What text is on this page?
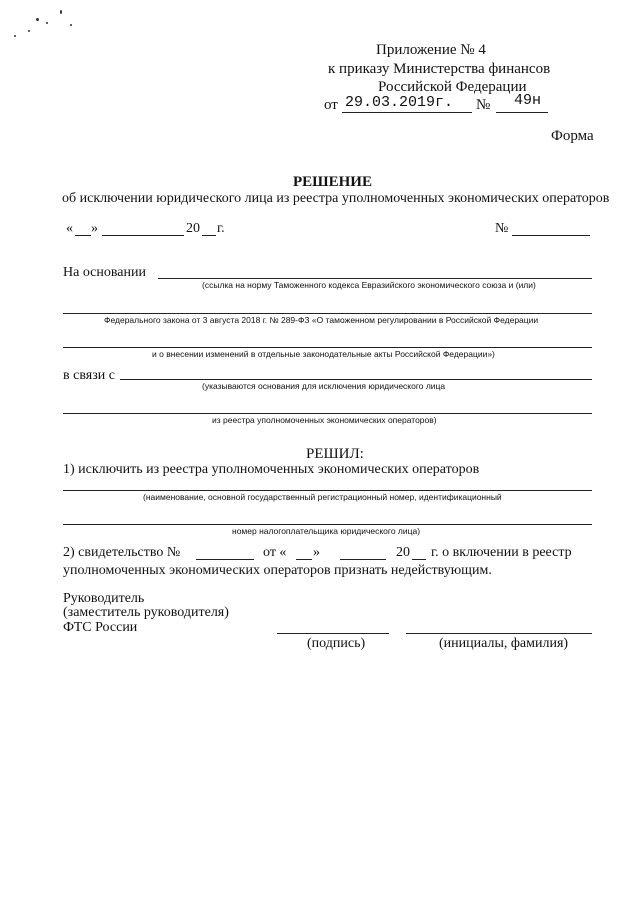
Приложение № 4
к приказу Министерства финансов
Российской Федерации
от 29.03.2019г. № 49н
Форма
РЕШЕНИЕ
об исключении юридического лица из реестра уполномоченных экономических операторов
« »	20 г.	№
На основании
(ссылка на норму Таможенного кодекса Евразийского экономического союза и (или)
Федерального закона от 3 августа 2018 г. № 289-ФЗ «О таможенном регулировании в Российской Федерации
и о внесении изменений в отдельные законодательные акты Российской Федерации»)
в связи с
(указываются основания для исключения юридического лица
из реестра уполномоченных экономических операторов)
РЕШИЛ:
1) исключить из реестра уполномоченных экономических операторов
(наименование, основной государственный регистрационный номер, идентификационный
номер налогоплательщика юридического лица)
2) свидетельство №	от « »	20 г. о включении в реестр
уполномоченных экономических операторов признать недействующим.
Руководитель
(заместитель руководителя)
ФТС России
(подпись)	(инициалы, фамилия)
